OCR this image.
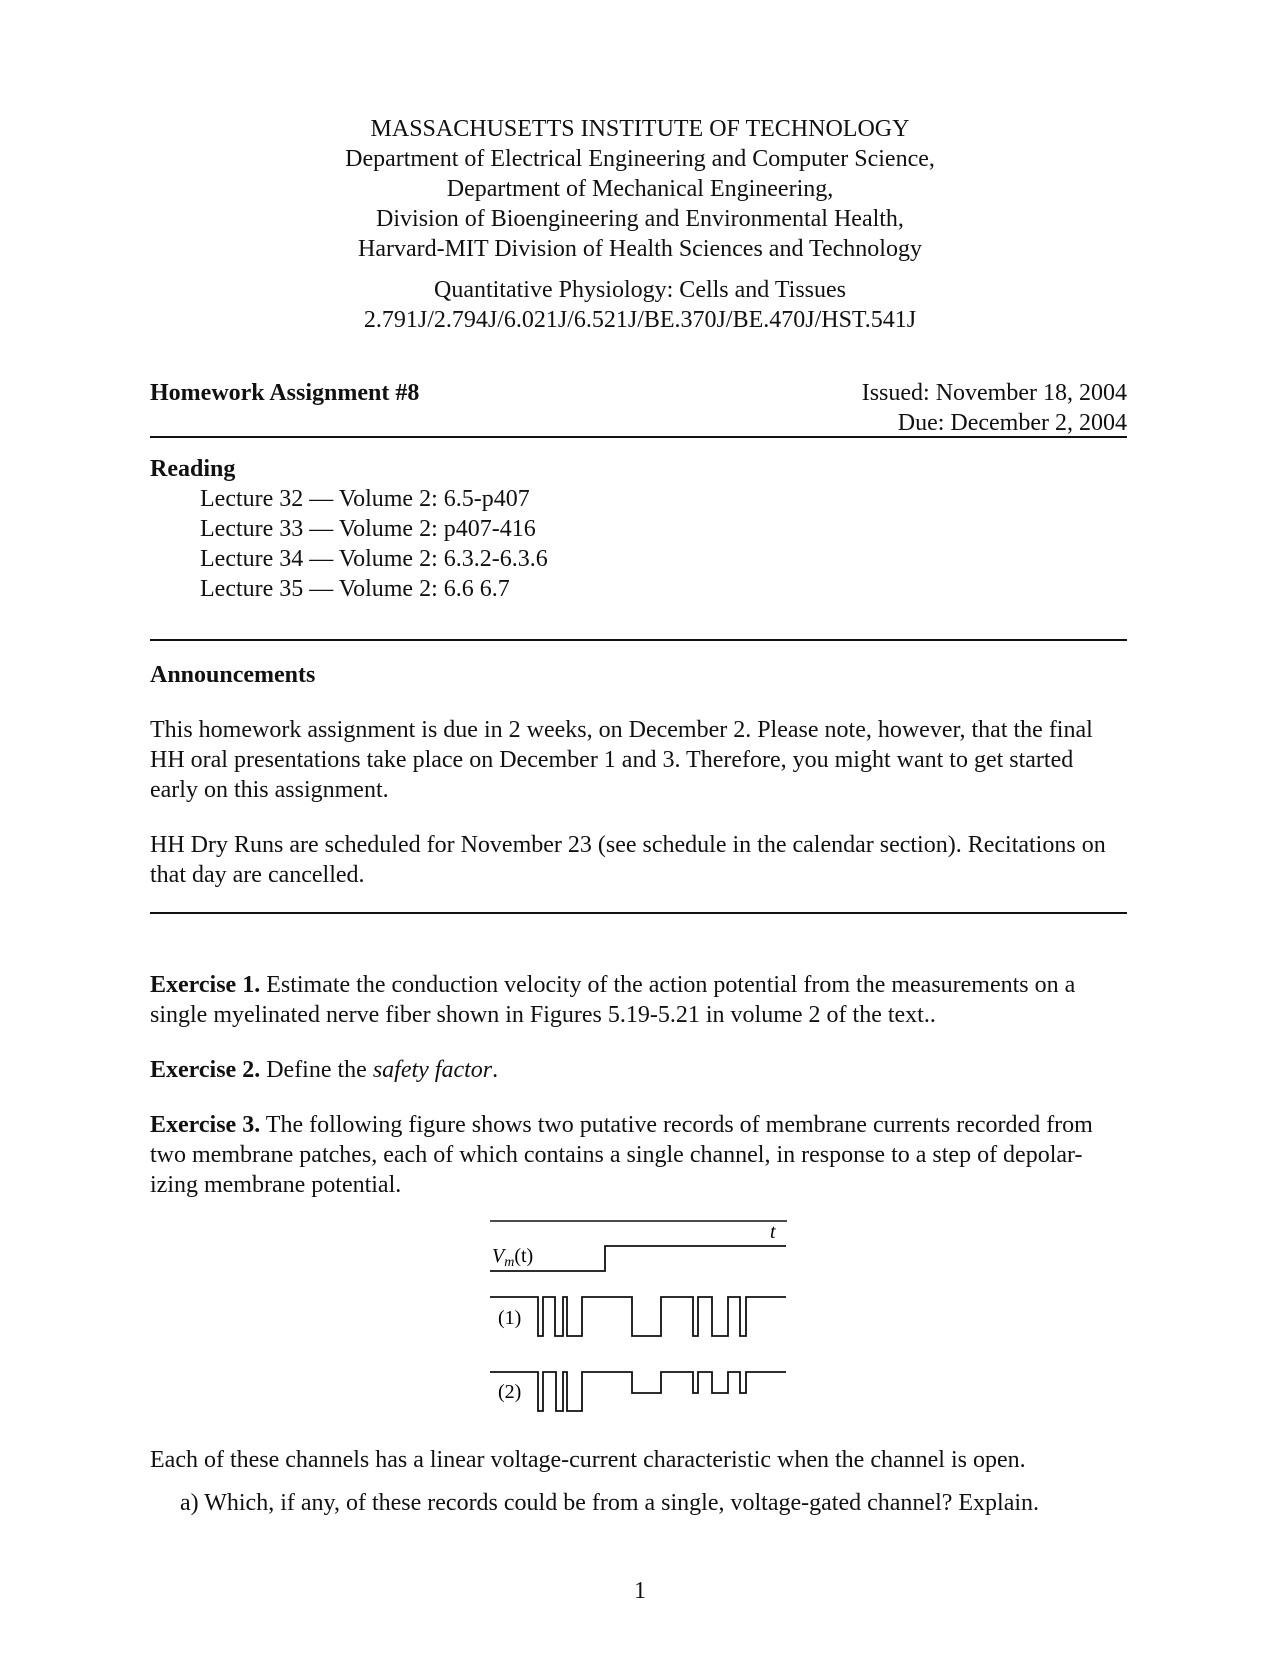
MASSACHUSETTS INSTITUTE OF TECHNOLOGY
Department of Electrical Engineering and Computer Science,
Department of Mechanical Engineering,
Division of Bioengineering and Environmental Health,
Harvard-MIT Division of Health Sciences and Technology
Quantitative Physiology: Cells and Tissues
2.791J/2.794J/6.021J/6.521J/BE.370J/BE.470J/HST.541J
Homework Assignment #8	Issued: November 18, 2004
Due: December 2, 2004
Reading
Lecture 32 — Volume 2: 6.5-p407
Lecture 33 — Volume 2: p407-416
Lecture 34 — Volume 2: 6.3.2-6.3.6
Lecture 35 — Volume 2: 6.6 6.7
Announcements
This homework assignment is due in 2 weeks, on December 2. Please note, however, that the final
HH oral presentations take place on December 1 and 3. Therefore, you might want to get started
early on this assignment.
HH Dry Runs are scheduled for November 23 (see schedule in the calendar section). Recitations on
that day are cancelled.
Exercise 1. Estimate the conduction velocity of the action potential from the measurements on a
single myelinated nerve fiber shown in Figures 5.19-5.21 in volume 2 of the text..
Exercise 2. Define the safety factor.
Exercise 3. The following figure shows two putative records of membrane currents recorded from
two membrane patches, each of which contains a single channel, in response to a step of depolar-
izing membrane potential.
t
$V_m(t)$
(1)
(2)
Each of these channels has a linear voltage-current characteristic when the channel is open.
a) Which, if any, of these records could be from a single, voltage-gated channel? Explain.
1
